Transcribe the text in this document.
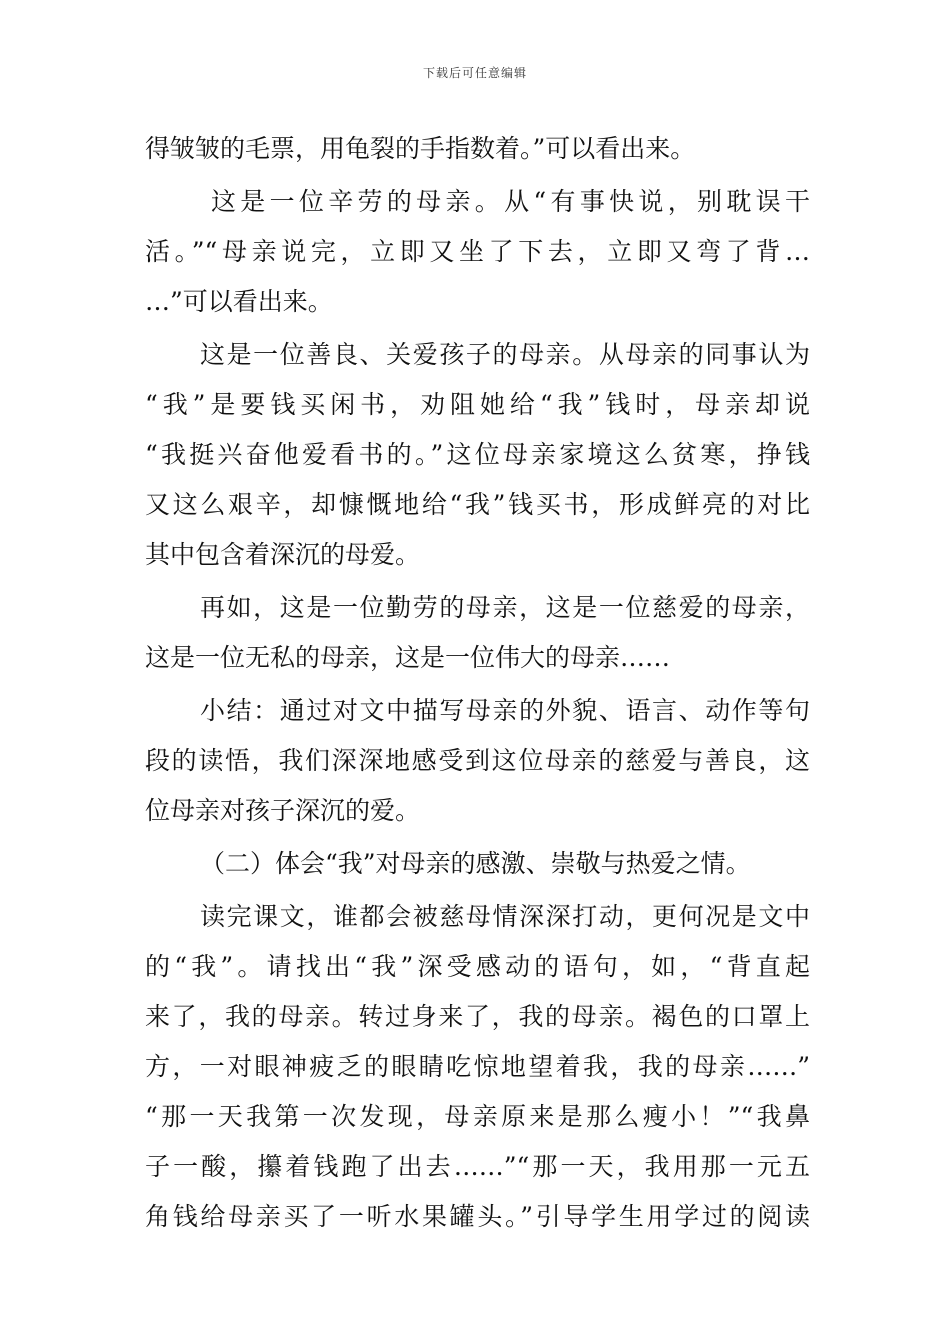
下载后可任意编辑
得皱皱的毛票，用龟裂的手指数着。”可以看出来。
这是一位辛劳的母亲。从“有事快说，别耽误干
活。”“母亲说完，立即又坐了下去，立即又弯了背…
…”可以看出来。
这是一位善良、关爱孩子的母亲。从母亲的同事认为
“我”是要钱买闲书，劝阻她给“我”钱时，母亲却说
“我挺兴奋他爱看书的。”这位母亲家境这么贫寒，挣钱
又这么艰辛，却慷慨地给“我”钱买书，形成鲜亮的对比
其中包含着深沉的母爱。
再如，这是一位勤劳的母亲，这是一位慈爱的母亲，
这是一位无私的母亲，这是一位伟大的母亲……
小结：通过对文中描写母亲的外貌、语言、动作等句
段的读悟，我们深深地感受到这位母亲的慈爱与善良，这
位母亲对孩子深沉的爱。
（二）体会“我”对母亲的感激、崇敬与热爱之情。
读完课文，谁都会被慈母情深深打动，更何况是文中
的“我”。请找出“我”深受感动的语句，如，“背直起
来了，我的母亲。转过身来了，我的母亲。褐色的口罩上
方，一对眼神疲乏的眼睛吃惊地望着我，我的母亲……”
“那一天我第一次发现，母亲原来是那么瘦小！”“我鼻
子一酸，攥着钱跑了出去……”“那一天，我用那一元五
角钱给母亲买了一听水果罐头。”引导学生用学过的阅读
